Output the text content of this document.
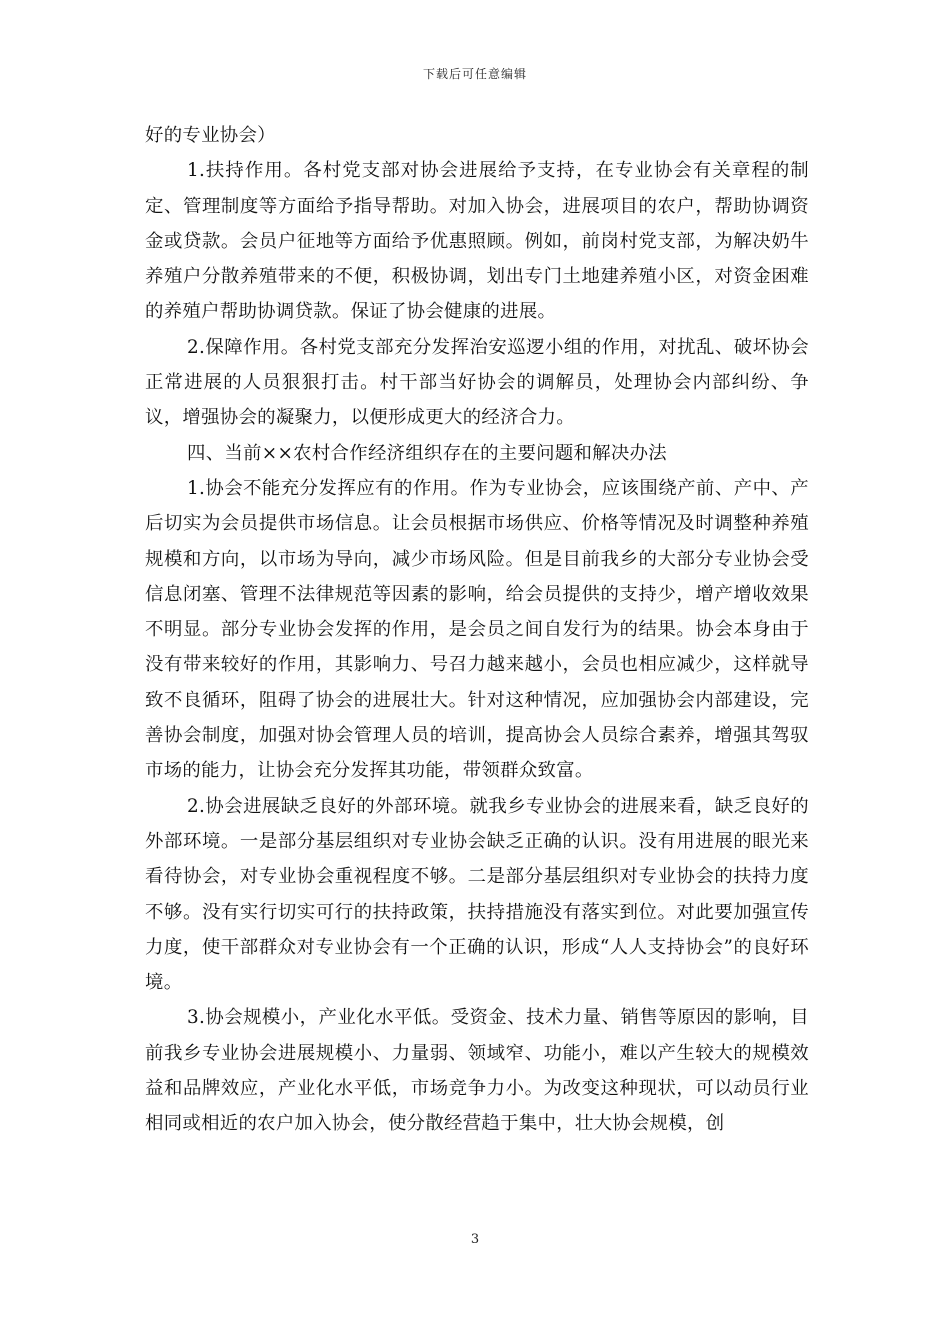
下载后可任意编辑

好的专业协会）

1.扶持作用。各村党支部对协会进展给予支持，在专业协会有关章程的制定、管理制度等方面给予指导帮助。对加入协会，进展项目的农户，帮助协调资金或贷款。会员户征地等方面给予优惠照顾。例如，前岗村党支部，为解决奶牛养殖户分散养殖带来的不便，积极协调，划出专门土地建养殖小区，对资金困难的养殖户帮助协调贷款。保证了协会健康的进展。

2.保障作用。各村党支部充分发挥治安巡逻小组的作用，对扰乱、破坏协会正常进展的人员狠狠打击。村干部当好协会的调解员，处理协会内部纠纷、争议，增强协会的凝聚力，以便形成更大的经济合力。

四、当前××农村合作经济组织存在的主要问题和解决办法

1.协会不能充分发挥应有的作用。作为专业协会，应该围绕产前、产中、产后切实为会员提供市场信息。让会员根据市场供应、价格等情况及时调整种养殖规模和方向，以市场为导向，减少市场风险。但是目前我乡的大部分专业协会受信息闭塞、管理不法律规范等因素的影响，给会员提供的支持少，增产增收效果不明显。部分专业协会发挥的作用，是会员之间自发行为的结果。协会本身由于没有带来较好的作用，其影响力、号召力越来越小，会员也相应减少，这样就导致不良循环，阻碍了协会的进展壮大。针对这种情况，应加强协会内部建设，完善协会制度，加强对协会管理人员的培训，提高协会人员综合素养，增强其驾驭市场的能力，让协会充分发挥其功能，带领群众致富。

2.协会进展缺乏良好的外部环境。就我乡专业协会的进展来看，缺乏良好的外部环境。一是部分基层组织对专业协会缺乏正确的认识。没有用进展的眼光来看待协会，对专业协会重视程度不够。二是部分基层组织对专业协会的扶持力度不够。没有实行切实可行的扶持政策，扶持措施没有落实到位。对此要加强宣传力度，使干部群众对专业协会有一个正确的认识，形成“人人支持协会”的良好环境。

3.协会规模小，产业化水平低。受资金、技术力量、销售等原因的影响，目前我乡专业协会进展规模小、力量弱、领域窄、功能小，难以产生较大的规模效益和品牌效应，产业化水平低，市场竞争力小。为改变这种现状，可以动员行业相同或相近的农户加入协会，使分散经营趋于集中，壮大协会规模，创

3
